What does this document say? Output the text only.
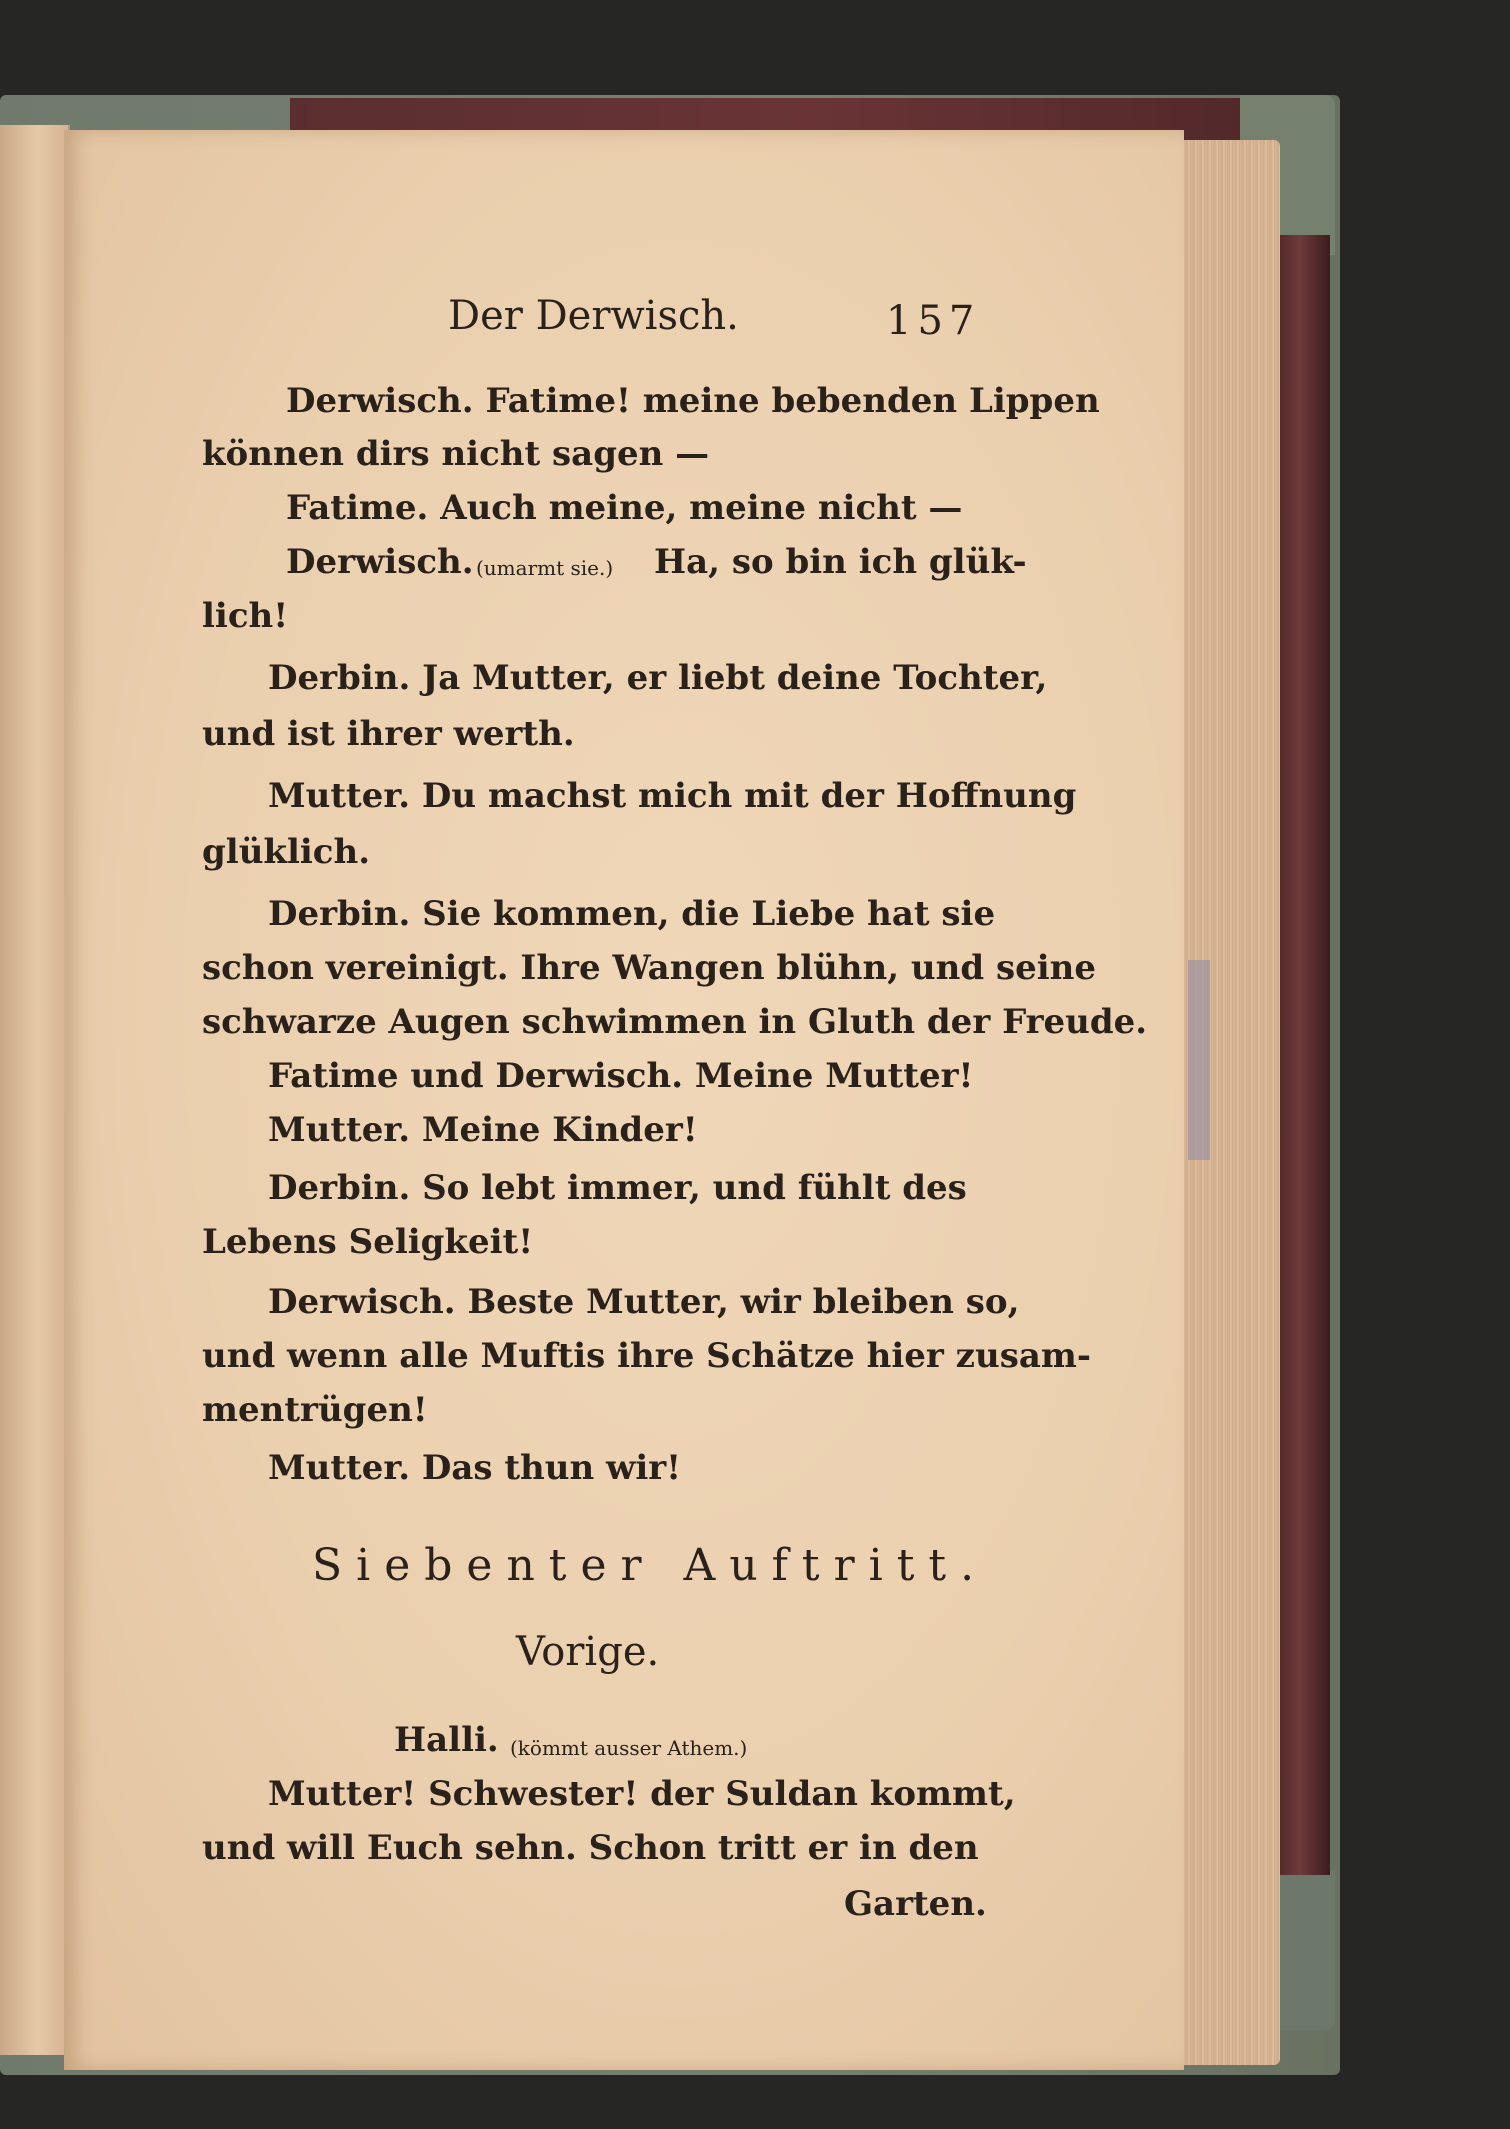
Der Derwisch.	157
Derwisch. Fatime! meine bebenden Lippen
können dirs nicht sagen —
Fatime. Auch meine, meine nicht —
Derwisch. (umarmt sie.) Ha, so bin ich glük-
lich!
Derbin. Ja Mutter, er liebt deine Tochter,
und ist ihrer werth.
Mutter. Du machst mich mit der Hoffnung
glüklich.
Derbin. Sie kommen, die Liebe hat sie
schon vereinigt. Ihre Wangen blühn, und seine
schwarze Augen schwimmen in Gluth der Freude.
Fatime und Derwisch. Meine Mutter!
Mutter. Meine Kinder!
Derbin. So lebt immer, und fühlt des
Lebens Seligkeit!
Derwisch. Beste Mutter, wir bleiben so,
und wenn alle Muftis ihre Schätze hier zusam-
mentrügen!
Mutter. Das thun wir!
Siebenter Auftritt.
Vorige.
Halli. (kömmt ausser Athem.)
Mutter! Schwester! der Suldan kommt,
und will Euch sehn. Schon tritt er in den
Garten.
